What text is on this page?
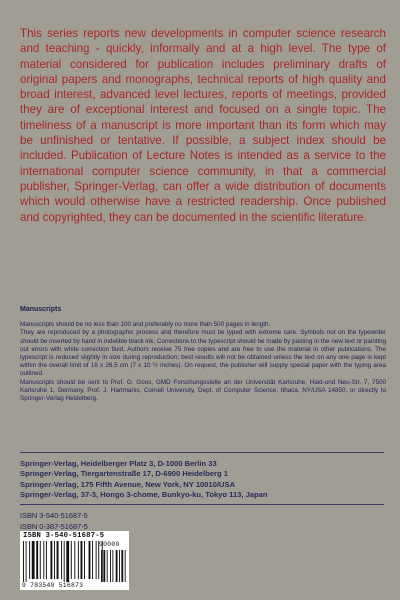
This series reports new developments in computer science research and teaching - quickly, informally and at a high level. The type of material considered for publication includes preliminary drafts of original papers and monographs, technical reports of high quality and broad interest, advanced level lectures, reports of meetings, provided they are of exceptional interest and focused on a single topic. The timeliness of a manuscript is more important than its form which may be unfinished or tentative. If possible, a subject index should be included. Publication of Lecture Notes is intended as a service to the international computer science community, in that a commercial publisher, Springer-Verlag, can offer a wide distribution of documents which would otherwise have a restricted readership. Once published and copyrighted, they can be documented in the scientific literature.

Manuscripts

Manuscripts should be no less than 100 and preferably no more than 500 pages in length.

They are reproduced by a photographic process and therefore must be typed with extreme care. Symbols not on the typewriter should be inserted by hand in indelible black ink. Corrections to the typescript should be made by pasting in the new text or painting out errors with white correction fluid. Authors receive 75 free copies and are free to use the material in other publications. The typescript is reduced slightly in size during reproduction; best results will not be obtained unless the text on any one page is kept within the overall limit of 18 x 26.5 cm (7 x 10 ½ inches). On request, the publisher will supply special paper with the typing area outlined.

Manuscripts should be sent to Prof. G. Goos, GMD Forschungsstelle an der Universität Karlsruhe, Haid-und Neu-Str. 7, 7500 Karlsruhe 1, Germany, Prof. J. Hartmanis, Cornell University, Dept. of Computer Science, Ithaca, NY/USA 14850, or directly to Springer-Verlag Heidelberg.

Springer-Verlag, Heidelberger Platz 3, D-1000 Berlin 33
Springer-Verlag, Tiergartenstraße 17, D-6900 Heidelberg 1
Springer-Verlag, 175 Fifth Avenue, New York, NY 10010/USA
Springer-Verlag, 37-3, Hongo 3-chome, Bunkyo-ku, Tokyo 113, Japan
ISBN 3-540-51687-5
ISBN 0-387-51687-5
ISBN 3-540-51687-5
90000
9 783540 516873
